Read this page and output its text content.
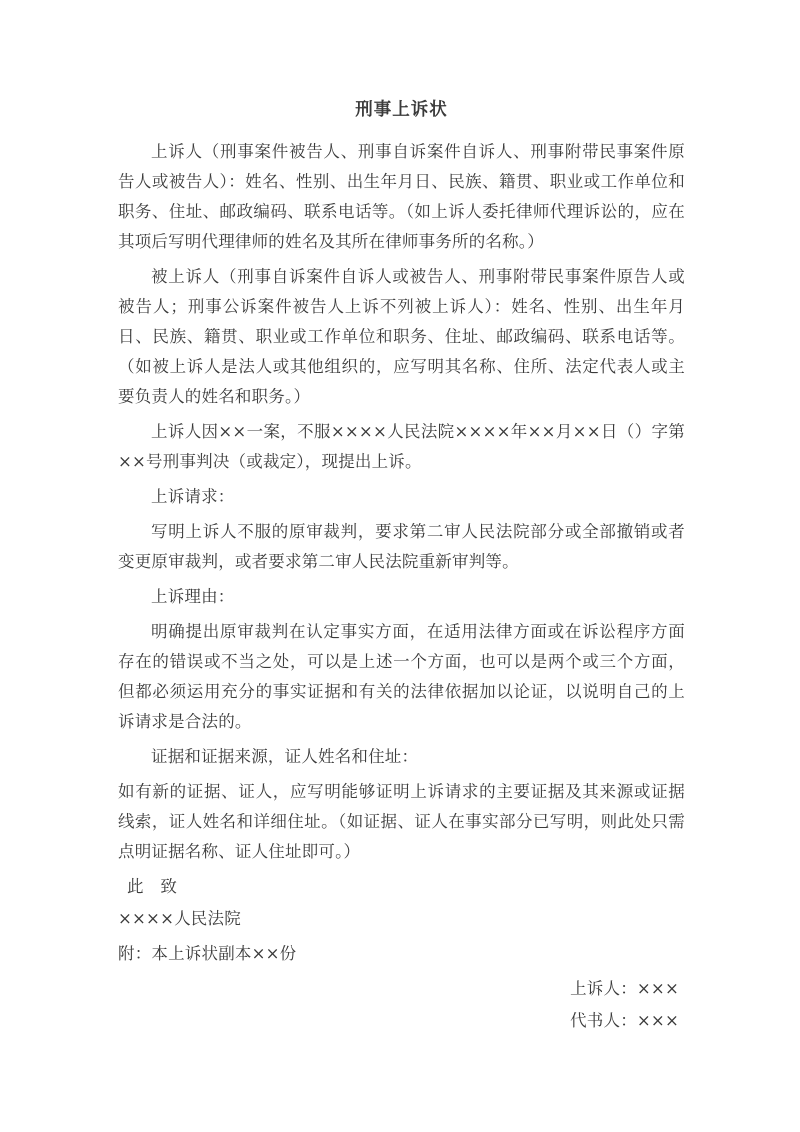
刑事上诉状

上诉人（刑事案件被告人、刑事自诉案件自诉人、刑事附带民事案件原告人或被告人）：姓名、性别、出生年月日、民族、籍贯、职业或工作单位和职务、住址、邮政编码、联系电话等。（如上诉人委托律师代理诉讼的，应在其项后写明代理律师的姓名及其所在律师事务所的名称。）

被上诉人（刑事自诉案件自诉人或被告人、刑事附带民事案件原告人或被告人；刑事公诉案件被告人上诉不列被上诉人）：姓名、性别、出生年月日、民族、籍贯、职业或工作单位和职务、住址、邮政编码、联系电话等。（如被上诉人是法人或其他组织的，应写明其名称、住所、法定代表人或主要负责人的姓名和职务。）

上诉人因××一案，不服××××人民法院××××年××月××日（）字第××号刑事判决（或裁定），现提出上诉。

上诉请求：

写明上诉人不服的原审裁判，要求第二审人民法院部分或全部撤销或者变更原审裁判，或者要求第二审人民法院重新审判等。

上诉理由：

明确提出原审裁判在认定事实方面，在适用法律方面或在诉讼程序方面存在的错误或不当之处，可以是上述一个方面，也可以是两个或三个方面，但都必须运用充分的事实证据和有关的法律依据加以论证，以说明自己的上诉请求是合法的。

证据和证据来源，证人姓名和住址：

如有新的证据、证人，应写明能够证明上诉请求的主要证据及其来源或证据线索，证人姓名和详细住址。（如证据、证人在事实部分已写明，则此处只需点明证据名称、证人住址即可。）

此　致

××××人民法院

附：本上诉状副本××份

上诉人：×××

代书人：×××
